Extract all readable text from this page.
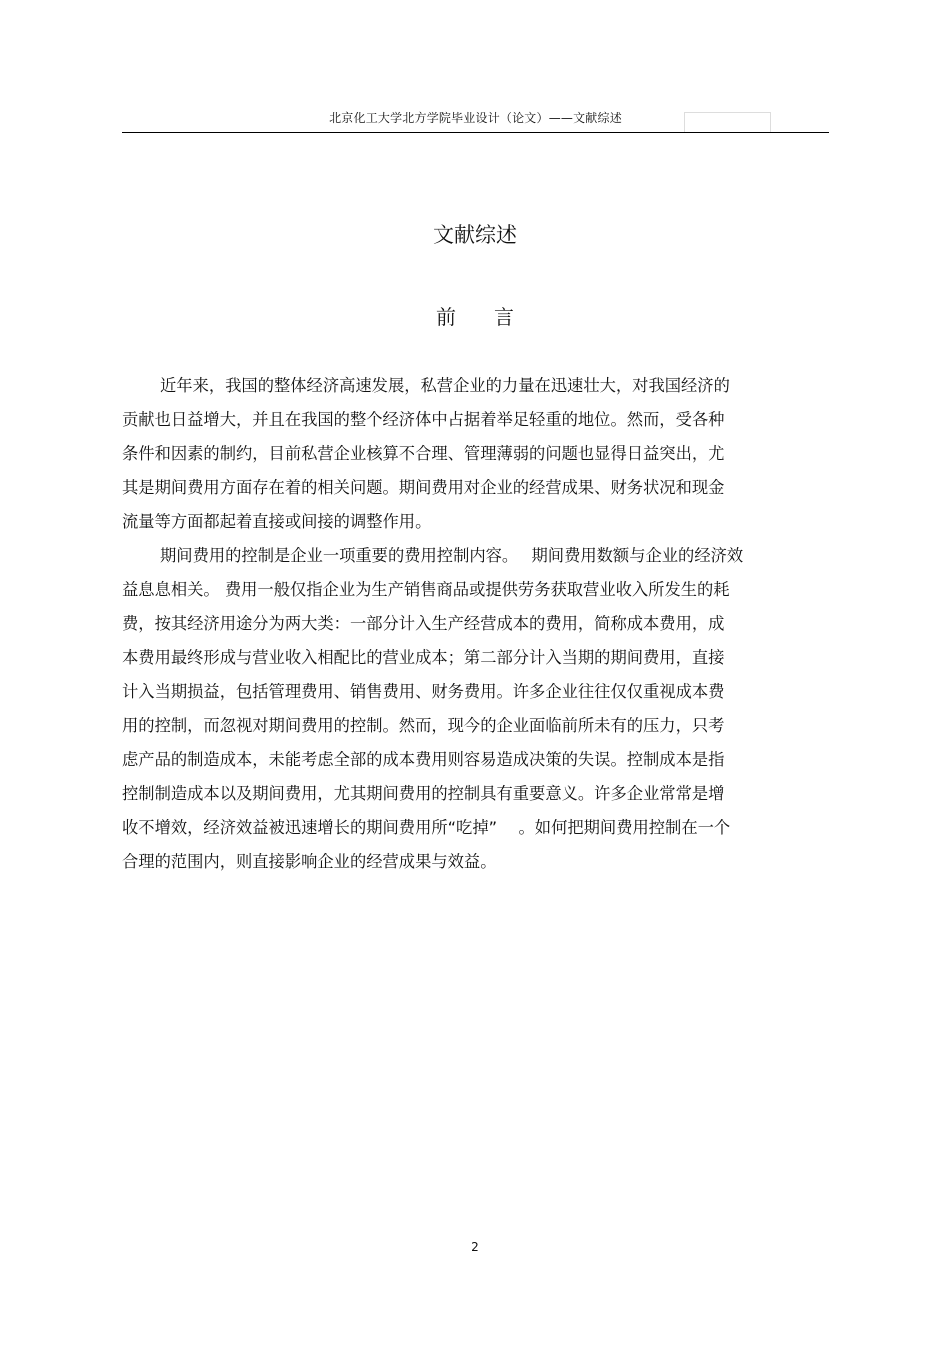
北京化工大学北方学院毕业设计（论文）——文献综述
文献综述
前言
近年来，我国的整体经济高速发展，私营企业的力量在迅速壮大，对我国经济的
贡献也日益增大，并且在我国的整个经济体中占据着举足轻重的地位。然而，受各种
条件和因素的制约，目前私营企业核算不合理、管理薄弱的问题也显得日益突出，尤
其是期间费用方面存在着的相关问题。期间费用对企业的经营成果、财务状况和现金
流量等方面都起着直接或间接的调整作用。
期间费用的控制是企业一项重要的费用控制内容。　 期间费用数额与企业的经济效
益息息相关。 费用一般仅指企业为生产销售商品或提供劳务获取营业收入所发生的耗
费，按其经济用途分为两大类：一部分计入生产经营成本的费用，简称成本费用，成
本费用最终形成与营业收入相配比的营业成本；第二部分计入当期的期间费用，直接
计入当期损益，包括管理费用、销售费用、财务费用。许多企业往往仅仅重视成本费
用的控制，而忽视对期间费用的控制。然而，现今的企业面临前所未有的压力，只考
虑产品的制造成本，未能考虑全部的成本费用则容易造成决策的失误。控制成本是指
控制制造成本以及期间费用，尤其期间费用的控制具有重要意义。许多企业常常是增
收不增效，经济效益被迅速增长的期间费用所“吃掉”　 。如何把期间费用控制在一个
合理的范围内，则直接影响企业的经营成果与效益。
2
